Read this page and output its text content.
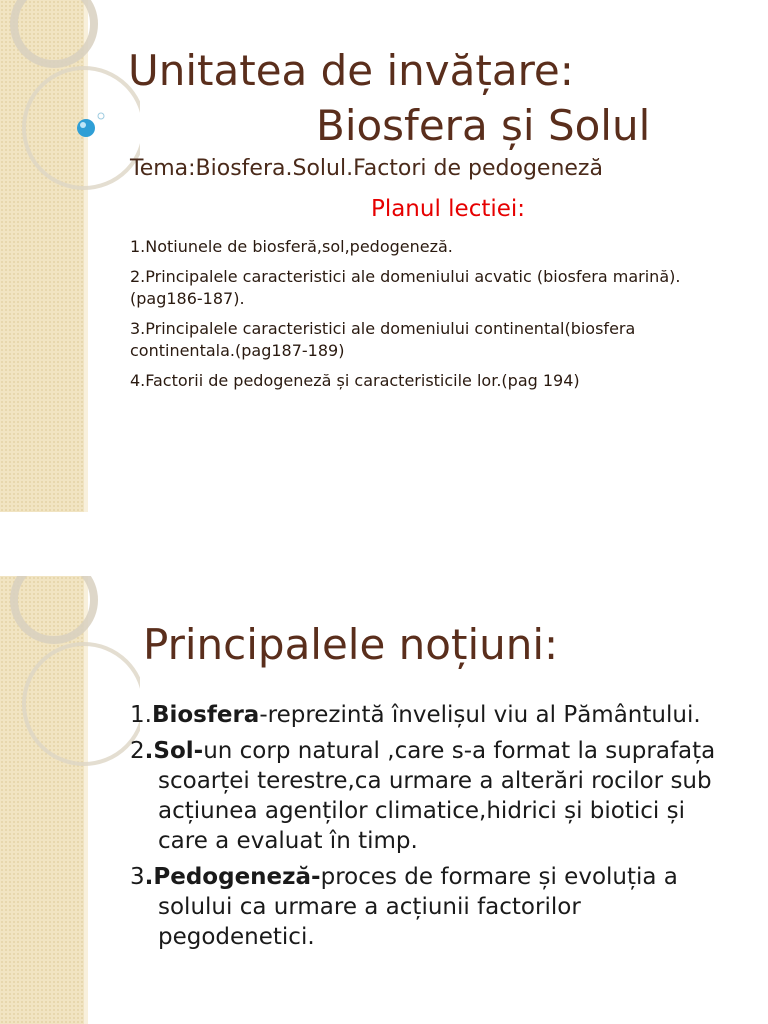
Unitatea de invățare:
Biosfera și Solul

Tema:Biosfera.Solul.Factori de pedogeneză

Planul lectiei:

1.Notiunele de biosferă,sol,pedogeneză.
2.Principalele caracteristici ale domeniului acvatic (biosfera marină).(pag186-187).
3.Principalele caracteristici ale domeniului continental(biosfera continentala.(pag187-189)
4.Factorii de pedogeneză și caracteristicile lor.(pag 194)
Principalele noțiuni:
1.Biosfera-reprezintă învelișul viu al Pământului.
2.Sol-un corp natural ,care s-a format la suprafața scoarței terestre,ca urmare a alterări rocilor sub acțiunea agenților climatice,hidrici și biotici și care a evaluat în timp.
3.Pedogeneză-proces de formare și evoluția a solului ca urmare a acțiunii factorilor pegodenetici.
